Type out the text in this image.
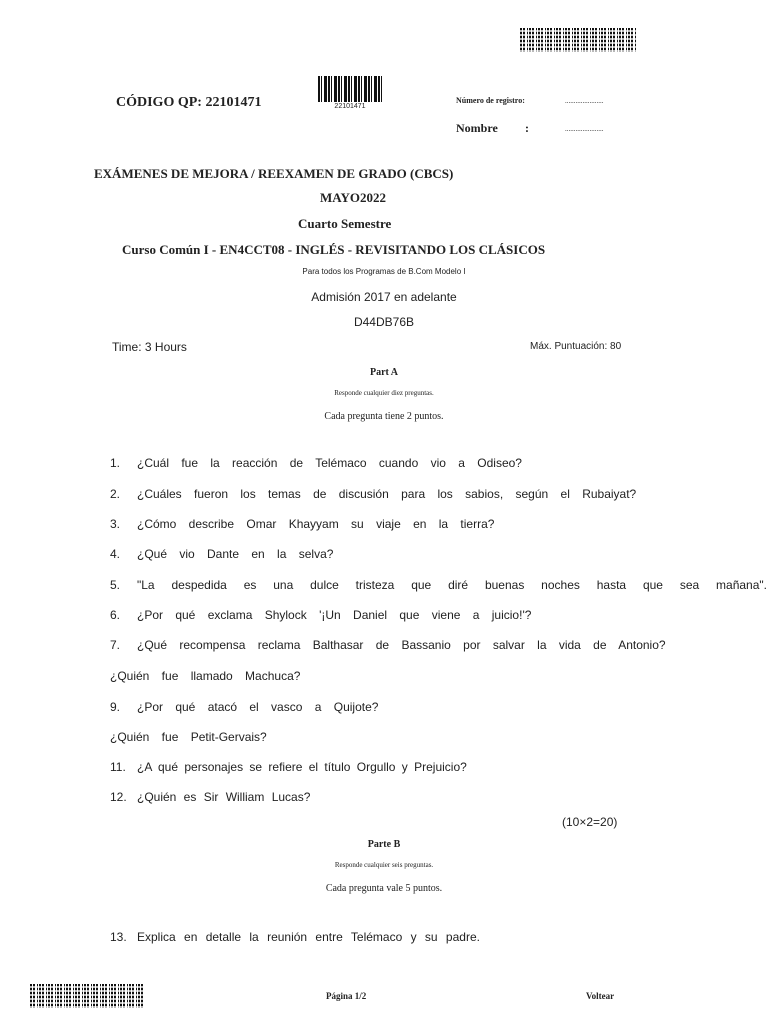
CÓDIGO QP: 22101471	22101471
Número de registro:	......................
Nombre :	......................
EXÁMENES DE MEJORA / REEXAMEN DE GRADO (CBCS)
MAYO2022
Cuarto Semestre
Curso Común I - EN4CCT08 - INGLÉS - REVISITANDO LOS CLÁSICOS
Para todos los Programas de B.Com Modelo I
Admisión 2017 en adelante
D44DB76B
Time: 3 Hours	Máx. Puntuación: 80
Part A
Responde cualquier diez preguntas.
Cada pregunta tiene 2 puntos.
1.	¿Cuál fue la reacción de Telémaco cuando vio a Odiseo?
2.	¿Cuáles fueron los temas de discusión para los sabios, según el Rubaiyat?
3.	¿Cómo describe Omar Khayyam su viaje en la tierra?
4.	¿Qué vio Dante en la selva?
5.	"La despedida es una dulce tristeza que diré buenas noches hasta que sea mañana".
6.	¿Por qué exclama Shylock '¡Un Daniel que viene a juicio!'?
7.	¿Qué recompensa reclama Balthasar de Bassanio por salvar la vida de Antonio?
¿Quién fue llamado Machuca?
9.	¿Por qué atacó el vasco a Quijote?
¿Quién fue Petit-Gervais?
11. ¿A qué personajes se refiere el título Orgullo y Prejuicio?
12. ¿Quién es Sir William Lucas?
(10×2=20)
Parte B
Responde cualquier seis preguntas.
Cada pregunta vale 5 puntos.
13. Explica en detalle la reunión entre Telémaco y su padre.
Página 1/2	Voltear
